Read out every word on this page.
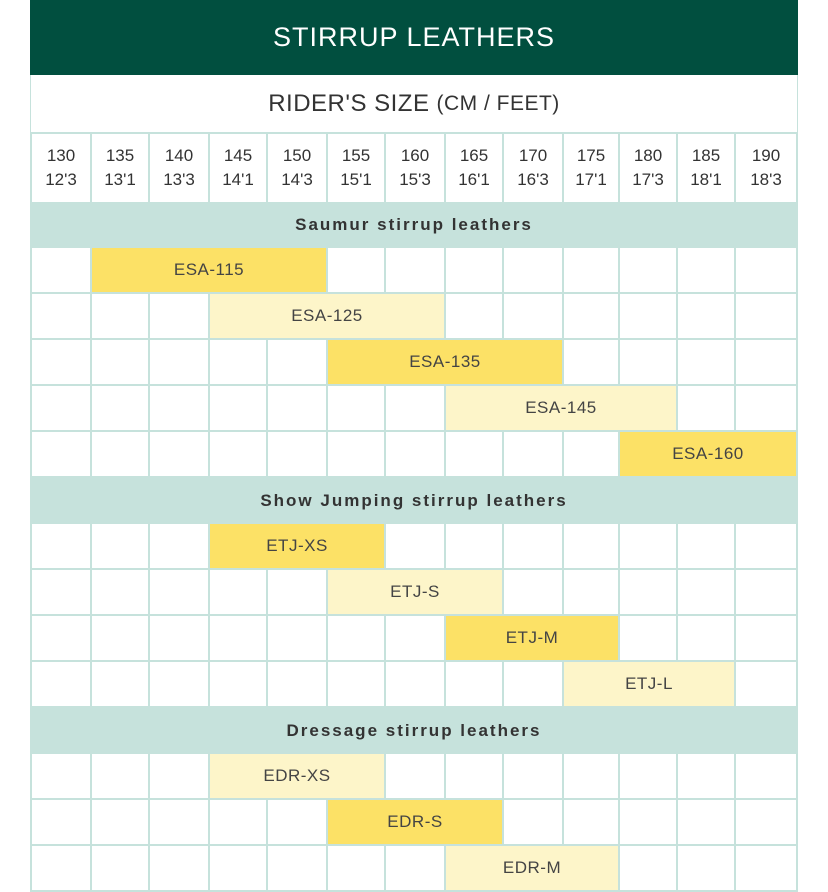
STIRRUP LEATHERS
RIDER'S SIZE (CM / FEET)
130
12'3
135
13'1
140
13'3
145
14'1
150
14'3
155
15'1
160
15'3
165
16'1
170
16'3
175
17'1
180
17'3
185
18'1
190
18'3
Saumur stirrup leathers
ESA-115
ESA-125
ESA-135
ESA-145
ESA-160
Show Jumping stirrup leathers
ETJ-XS
ETJ-S
ETJ-M
ETJ-L
Dressage stirrup leathers
EDR-XS
EDR-S
EDR-M
